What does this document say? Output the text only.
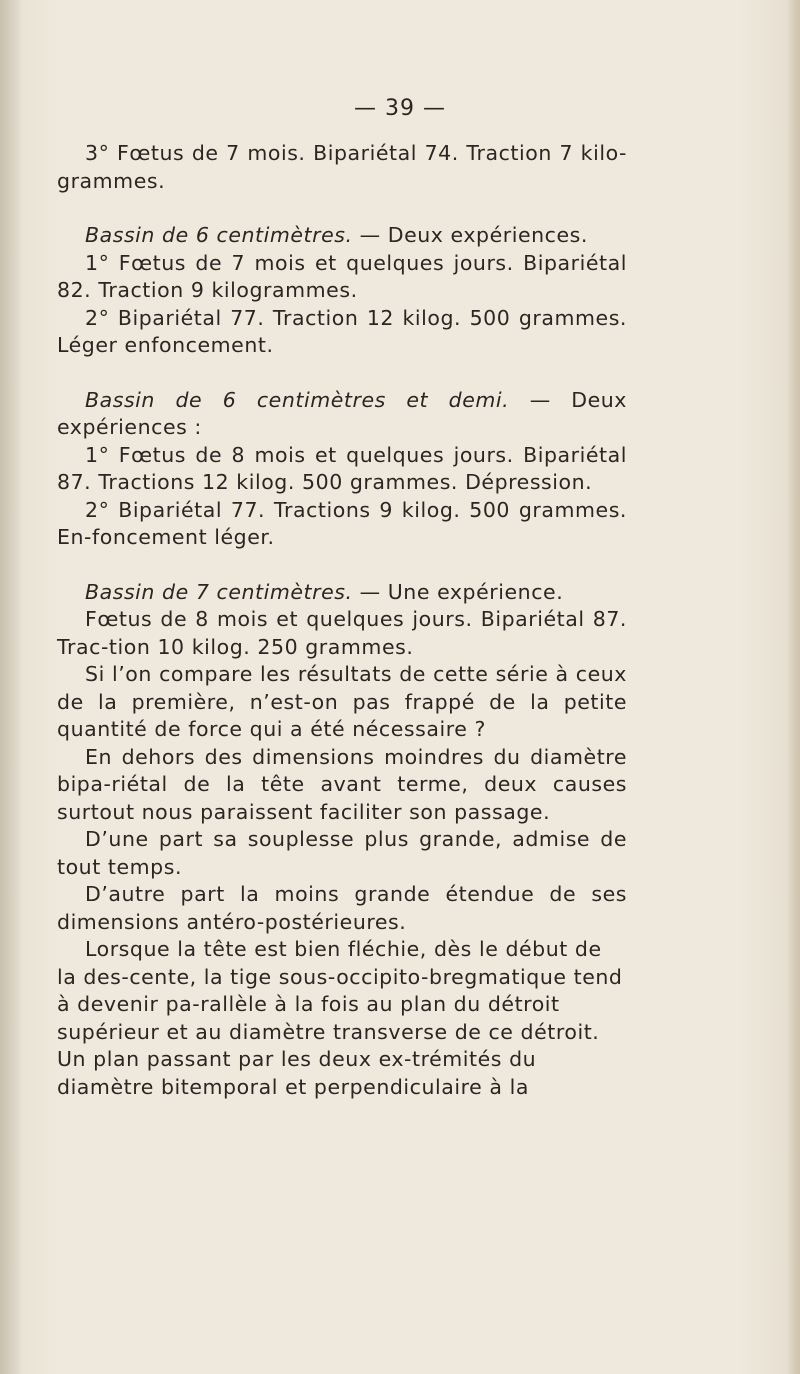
— 39 —

3° Fœtus de 7 mois. Bipariétal 74. Traction 7 kilo-grammes.

Bassin de 6 centimètres. — Deux expériences.

1° Fœtus de 7 mois et quelques jours. Bipariétal 82. Traction 9 kilogrammes.

2° Bipariétal 77. Traction 12 kilog. 500 grammes. Léger enfoncement.

Bassin de 6 centimètres et demi. — Deux expériences :

1° Fœtus de 8 mois et quelques jours. Bipariétal 87. Tractions 12 kilog. 500 grammes. Dépression.

2° Bipariétal 77. Tractions 9 kilog. 500 grammes. En-foncement léger.

Bassin de 7 centimètres. — Une expérience.

Fœtus de 8 mois et quelques jours. Bipariétal 87. Trac-tion 10 kilog. 250 grammes.

Si l’on compare les résultats de cette série à ceux de la première, n’est-on pas frappé de la petite quantité de force qui a été nécessaire ?

En dehors des dimensions moindres du diamètre bipa-riétal de la tête avant terme, deux causes surtout nous paraissent faciliter son passage.

D’une part sa souplesse plus grande, admise de tout temps.

D’autre part la moins grande étendue de ses dimensions antéro-postérieures.

Lorsque la tête est bien fléchie, dès le début de la des-cente, la tige sous-occipito-bregmatique tend à devenir pa-rallèle à la fois au plan du détroit supérieur et au diamètre transverse de ce détroit. Un plan passant par les deux ex-trémités du diamètre bitemporal et perpendiculaire à la
